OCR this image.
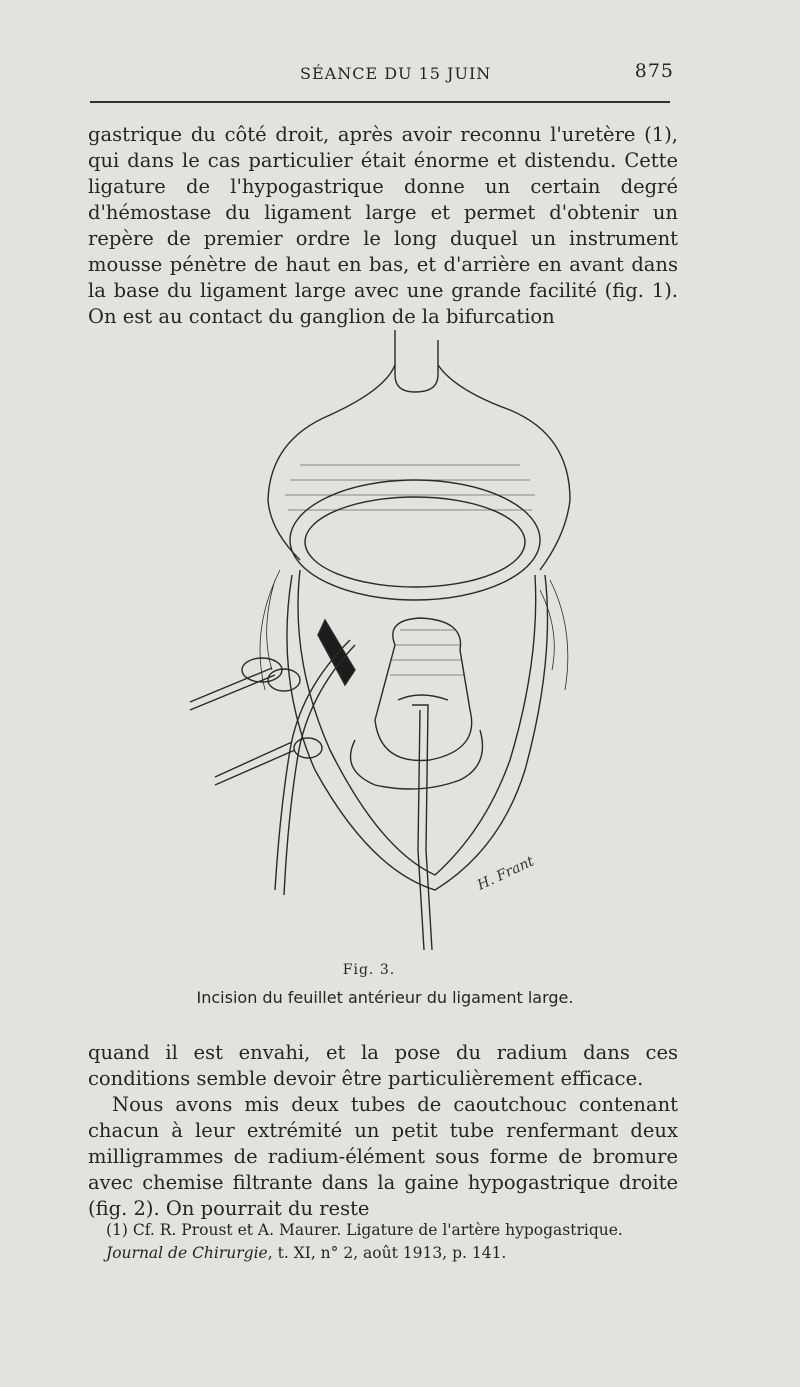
SÉANCE DU 15 JUIN	875

gastrique du côté droit, après avoir reconnu l'uretère (1), qui dans le cas particulier était énorme et distendu. Cette ligature de l'hypogastrique donne un certain degré d'hémostase du ligament large et permet d'obtenir un repère de premier ordre le long duquel un instrument mousse pénètre de haut en bas, et d'arrière en avant dans la base du ligament large avec une grande facilité (fig. 1). On est au contact du ganglion de la bifurcation

H. Frant
Fig. 3.
Incision du feuillet antérieur du ligament large.

quand il est envahi, et la pose du radium dans ces conditions semble devoir être particulièrement efficace.

Nous avons mis deux tubes de caoutchouc contenant chacun à leur extrémité un petit tube renfermant deux milligrammes de radium-élément sous forme de bromure avec chemise filtrante dans la gaine hypogastrique droite (fig. 2). On pourrait du reste

(1) Cf. R. Proust et A. Maurer. Ligature de l'artère hypogastrique. Journal de Chirurgie, t. XI, n° 2, août 1913, p. 141.
